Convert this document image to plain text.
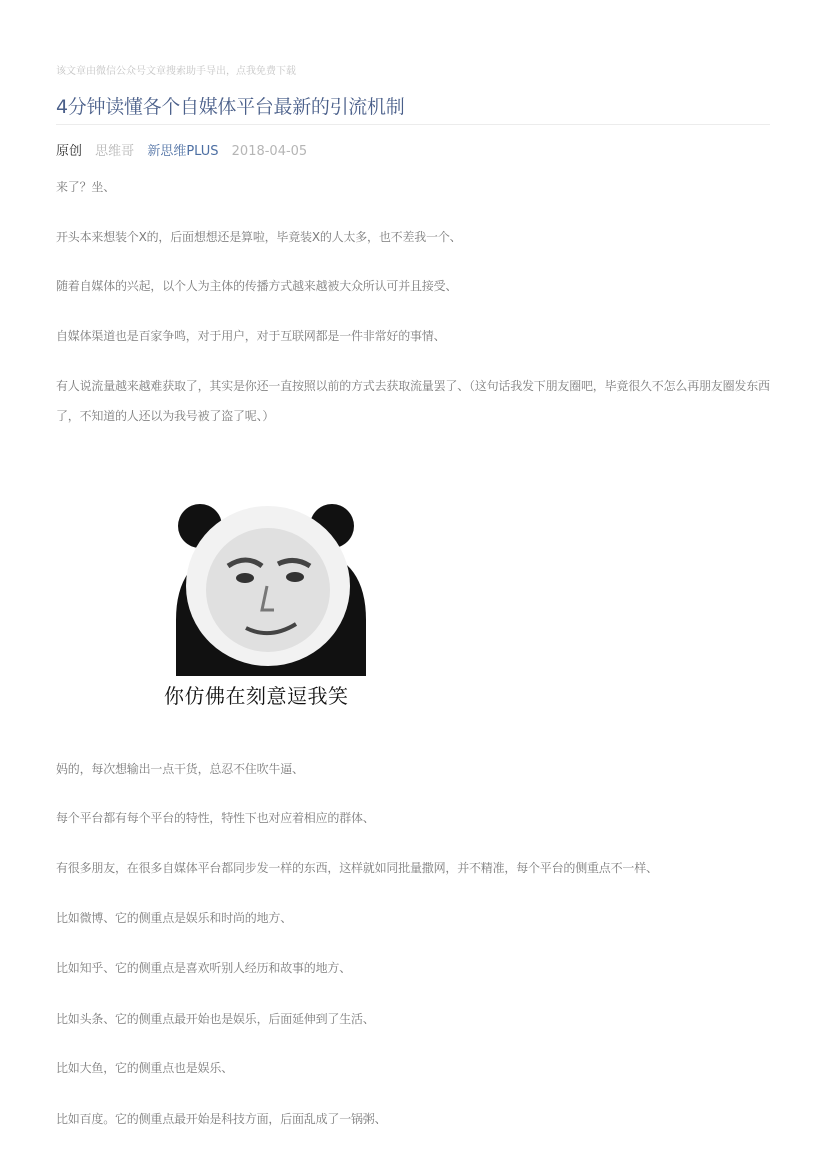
该文章由微信公众号文章搜索助手导出，点我免费下载
4分钟读懂各个自媒体平台最新的引流机制
原创 思维哥 新思维PLUS 2018-04-05
来了？坐、
开头本来想装个X的，后面想想还是算啦，毕竟装X的人太多，也不差我一个、
随着自媒体的兴起，以个人为主体的传播方式越来越被大众所认可并且接受、
自媒体渠道也是百家争鸣，对于用户，对于互联网都是一件非常好的事情、
有人说流量越来越难获取了，其实是你还一直按照以前的方式去获取流量罢了、（这句话我发下朋友圈吧，毕竟很久不怎么再朋友圈发东西了，不知道的人还以为我号被了盗了呢、）
你仿佛在刻意逗我笑
妈的，每次想输出一点干货，总忍不住吹牛逼、
每个平台都有每个平台的特性，特性下也对应着相应的群体、
有很多朋友，在很多自媒体平台都同步发一样的东西，这样就如同批量撒网，并不精准，每个平台的侧重点不一样、
比如微博、它的侧重点是娱乐和时尚的地方、
比如知乎、它的侧重点是喜欢听别人经历和故事的地方、
比如头条、它的侧重点最开始也是娱乐，后面延伸到了生活、
比如大鱼，它的侧重点也是娱乐、
比如百度。它的侧重点最开始是科技方面，后面乱成了一锅粥、
